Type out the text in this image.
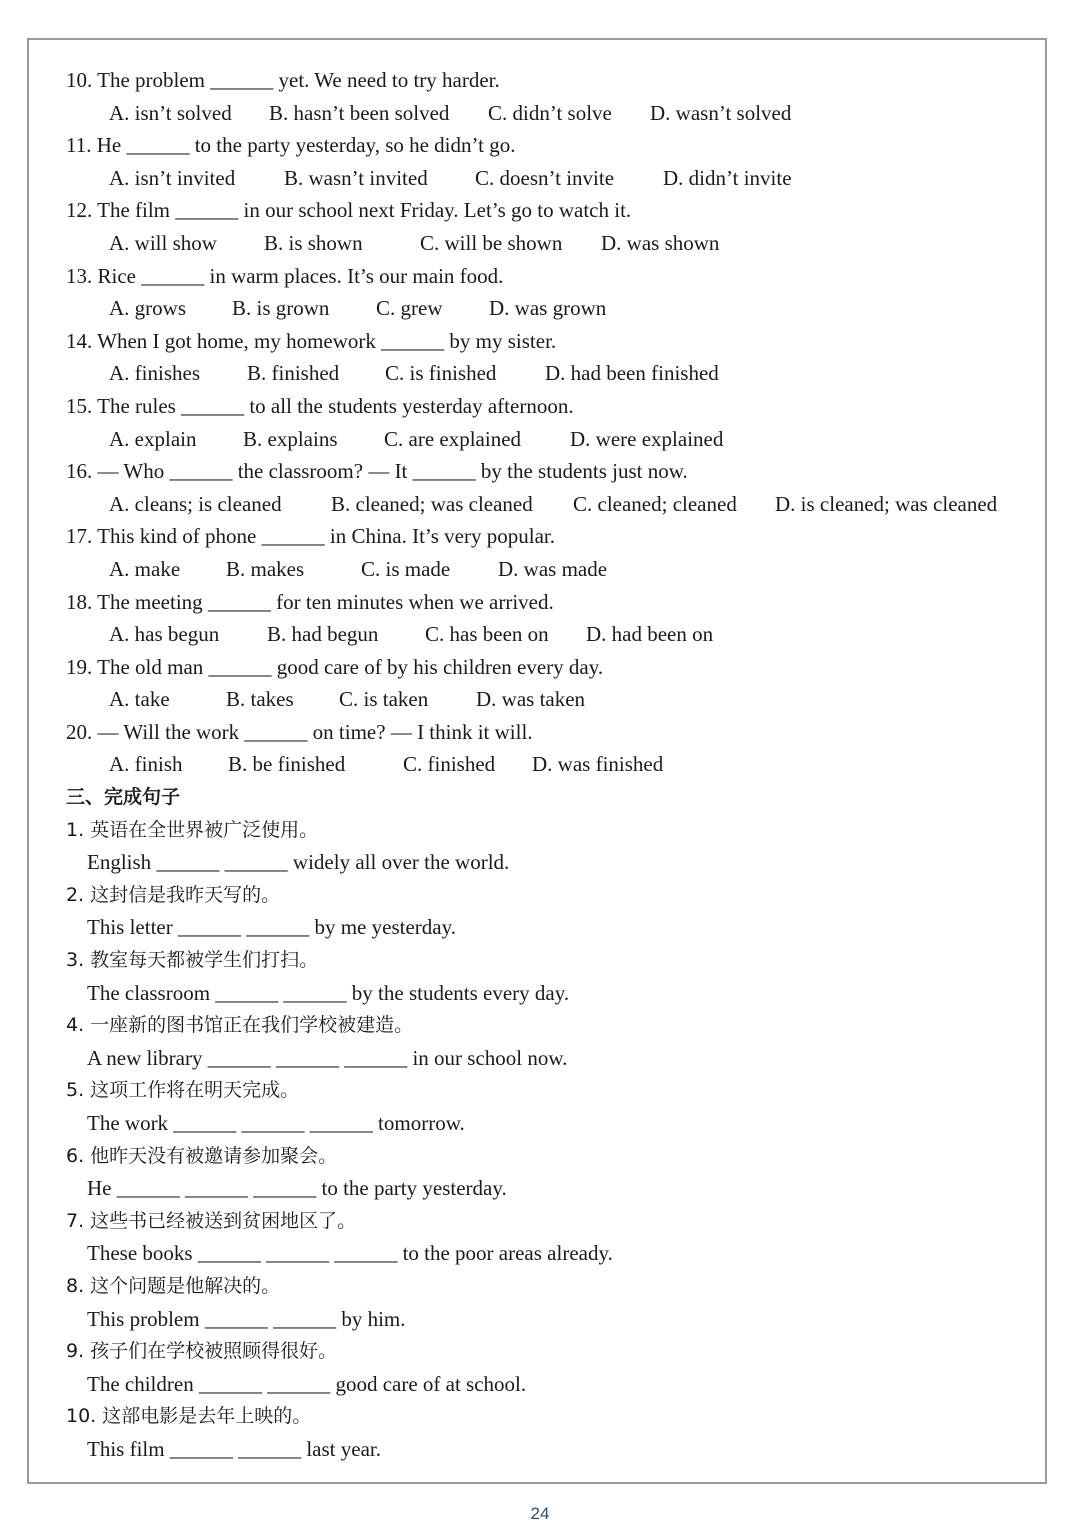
10. The problem ______ yet. We need to try harder.
A. isn’t solved B. hasn’t been solved C. didn’t solve D. wasn’t solved
11. He ______ to the party yesterday, so he didn’t go.
A. isn’t invited B. wasn’t invited C. doesn’t invite D. didn’t invite
12. The film ______ in our school next Friday. Let’s go to watch it.
A. will show B. is shown	C. will be shown D. was shown
13. Rice ______ in warm places. It’s our main food.
A. grows B. is grown C. grew D. was grown
14. When I got home, my homework ______ by my sister.
A. finishes B. finished C. is finished D. had been finished
15. The rules ______ to all the students yesterday afternoon.
A. explain B. explains C. are explained D. were explained
16. — Who ______ the classroom? — It ______ by the students just now.
A. cleans; is cleaned B. cleaned; was cleaned C. cleaned; cleaned D. is cleaned; was cleaned
17. This kind of phone ______ in China. It’s very popular.
A. make B. makes	C. is made D. was made
18. The meeting ______ for ten minutes when we arrived.
A. has begun B. had begun C. has been on D. had been on
19. The old man ______ good care of by his children every day.
A. take	B. takes C. is taken D. was taken
20. — Will the work ______ on time? — I think it will.
A. finish B. be finished	C. finished D. was finished
三、完成句子
1. 英语在全世界被广泛使用。
English ______ ______ widely all over the world.
2. 这封信是我昨天写的。
This letter ______ ______ by me yesterday.
3. 教室每天都被学生们打扫。
The classroom ______ ______ by the students every day.
4. 一座新的图书馆正在我们学校被建造。
A new library ______ ______ ______ in our school now.
5. 这项工作将在明天完成。
The work ______ ______ ______ tomorrow.
6. 他昨天没有被邀请参加聚会。
He ______ ______ ______ to the party yesterday.
7. 这些书已经被送到贫困地区了。
These books ______ ______ ______ to the poor areas already.
8. 这个问题是他解决的。
This problem ______ ______ by him.
9. 孩子们在学校被照顾得很好。
The children ______ ______ good care of at school.
10. 这部电影是去年上映的。
This film ______ ______ last year.
24
